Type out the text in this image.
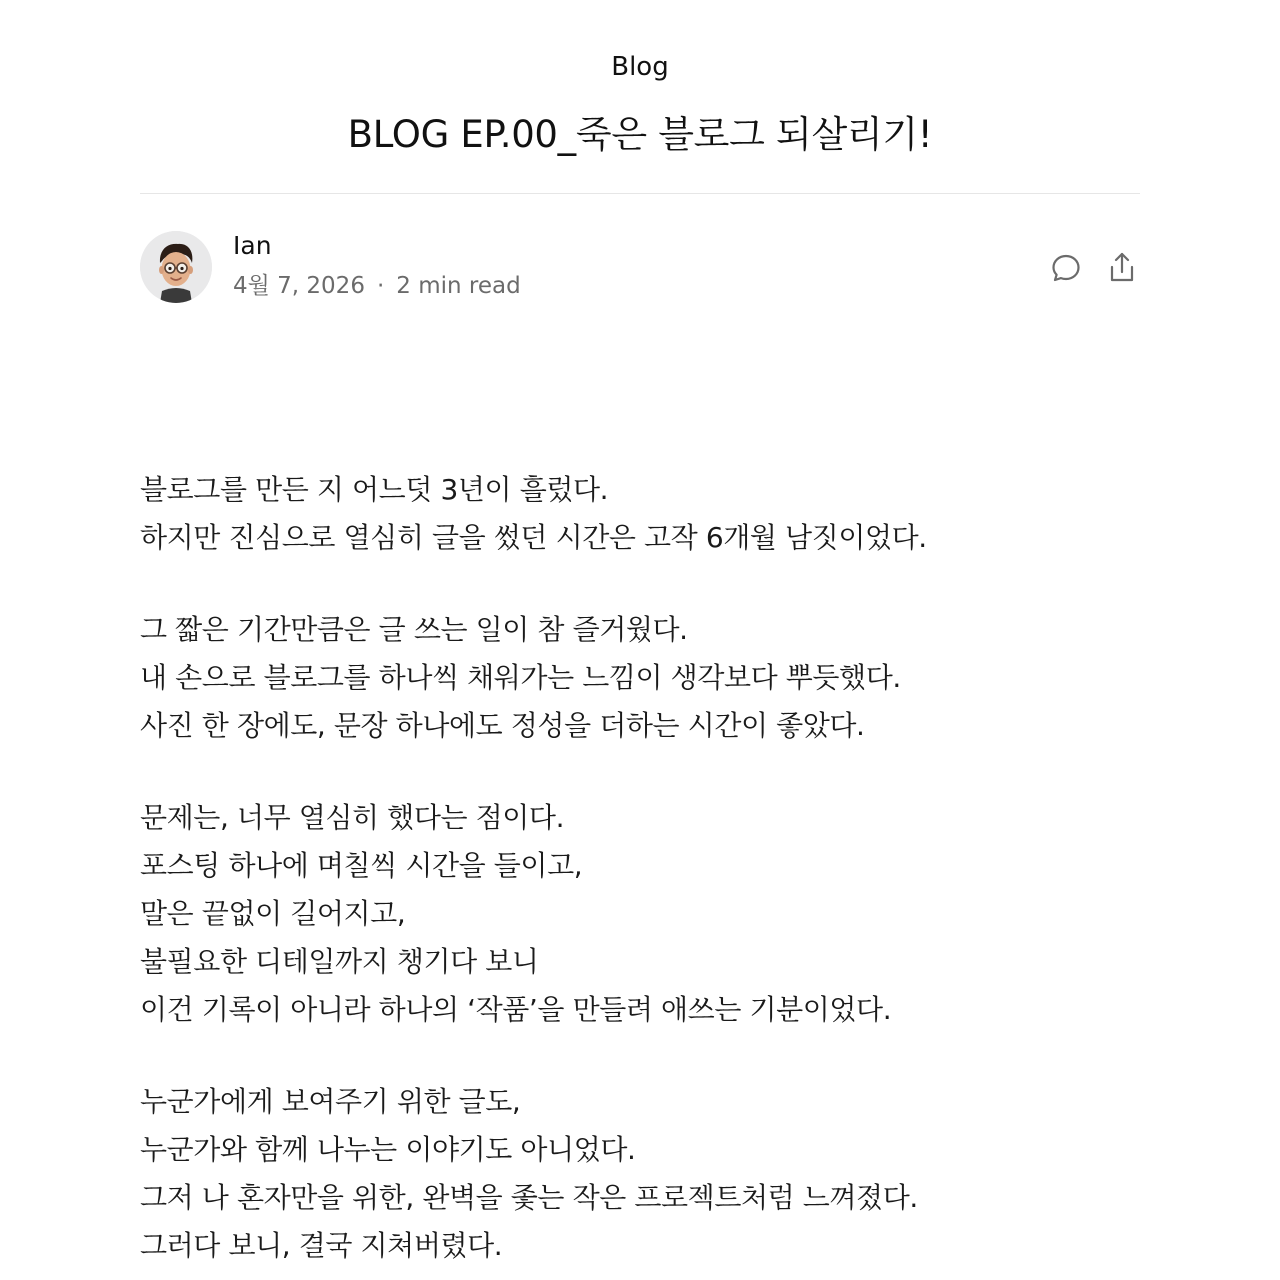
Blog
BLOG EP.00_죽은 블로그 되살리기!
Ian
4월 7, 2026 · 2 min read

블로그를 만든 지 어느덧 3년이 흘렀다.
하지만 진심으로 열심히 글을 썼던 시간은 고작 6개월 남짓이었다.

그 짧은 기간만큼은 글 쓰는 일이 참 즐거웠다.
내 손으로 블로그를 하나씩 채워가는 느낌이 생각보다 뿌듯했다.
사진 한 장에도, 문장 하나에도 정성을 더하는 시간이 좋았다.

문제는, 너무 열심히 했다는 점이다.
포스팅 하나에 며칠씩 시간을 들이고,
말은 끝없이 길어지고,
불필요한 디테일까지 챙기다 보니
이건 기록이 아니라 하나의 ‘작품’을 만들려 애쓰는 기분이었다.

누군가에게 보여주기 위한 글도,
누군가와 함께 나누는 이야기도 아니었다.
그저 나 혼자만을 위한, 완벽을 좇는 작은 프로젝트처럼 느껴졌다.
그러다 보니, 결국 지쳐버렸다.
